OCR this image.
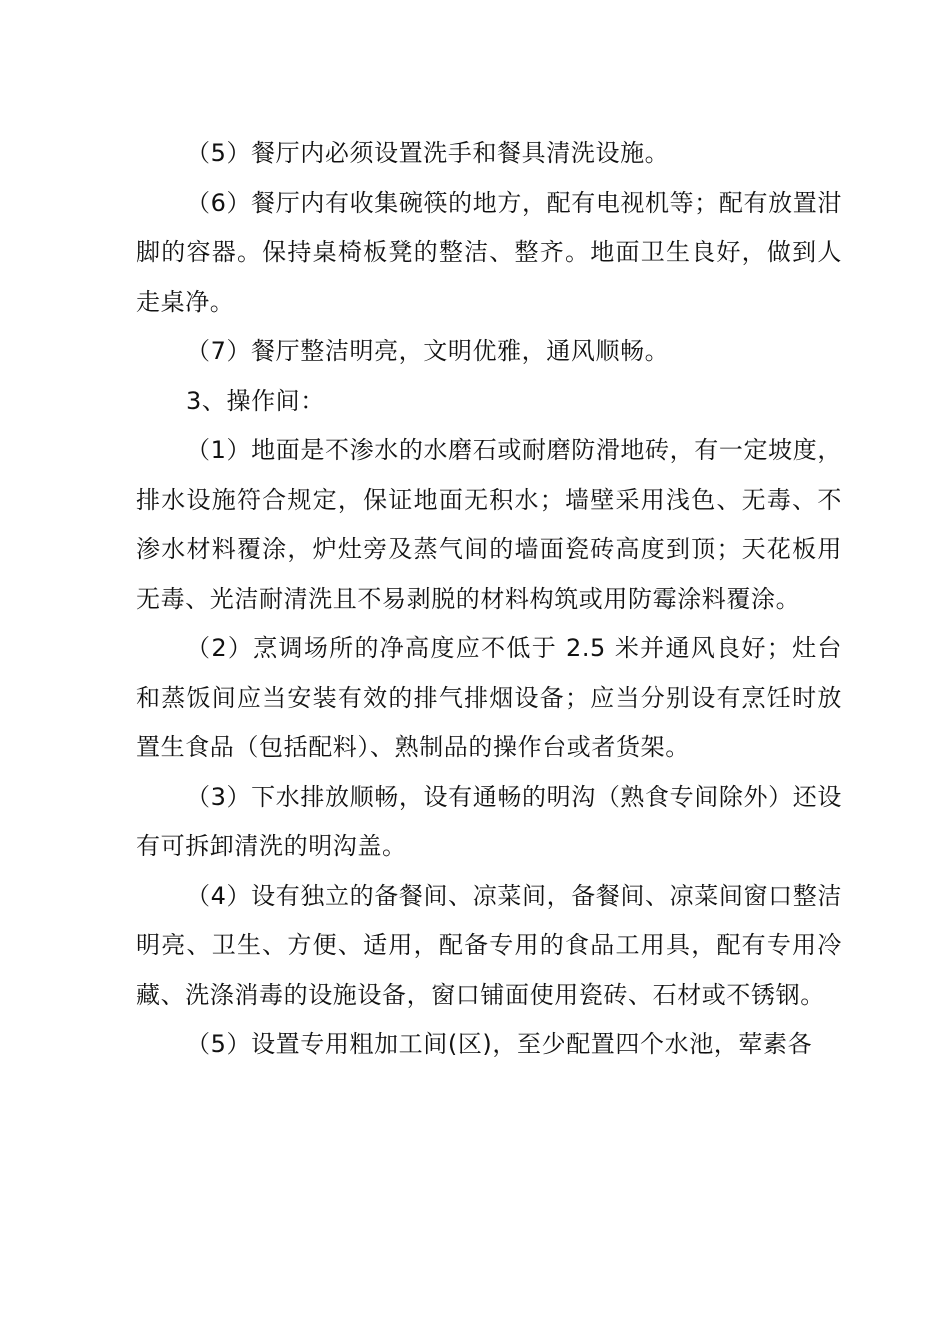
（5）餐厅内必须设置洗手和餐具清洗设施。

（6）餐厅内有收集碗筷的地方，配有电视机等；配有放置泔脚的容器。保持桌椅板凳的整洁、整齐。地面卫生良好，做到人走桌净。

（7）餐厅整洁明亮，文明优雅，通风顺畅。

3、操作间：

（1）地面是不渗水的水磨石或耐磨防滑地砖，有一定坡度，排水设施符合规定，保证地面无积水；墙壁采用浅色、无毒、不渗水材料覆涂，炉灶旁及蒸气间的墙面瓷砖高度到顶；天花板用无毒、光洁耐清洗且不易剥脱的材料构筑或用防霉涂料覆涂。

（2）烹调场所的净高度应不低于 2.5 米并通风良好；灶台和蒸饭间应当安装有效的排气排烟设备；应当分别设有烹饪时放置生食品（包括配料）、熟制品的操作台或者货架。

（3）下水排放顺畅，设有通畅的明沟（熟食专间除外）还设有可拆卸清洗的明沟盖。

（4）设有独立的备餐间、凉菜间，备餐间、凉菜间窗口整洁明亮、卫生、方便、适用，配备专用的食品工用具，配有专用冷藏、洗涤消毒的设施设备，窗口铺面使用瓷砖、石材或不锈钢。

（5）设置专用粗加工间(区)，至少配置四个水池，荤素各
